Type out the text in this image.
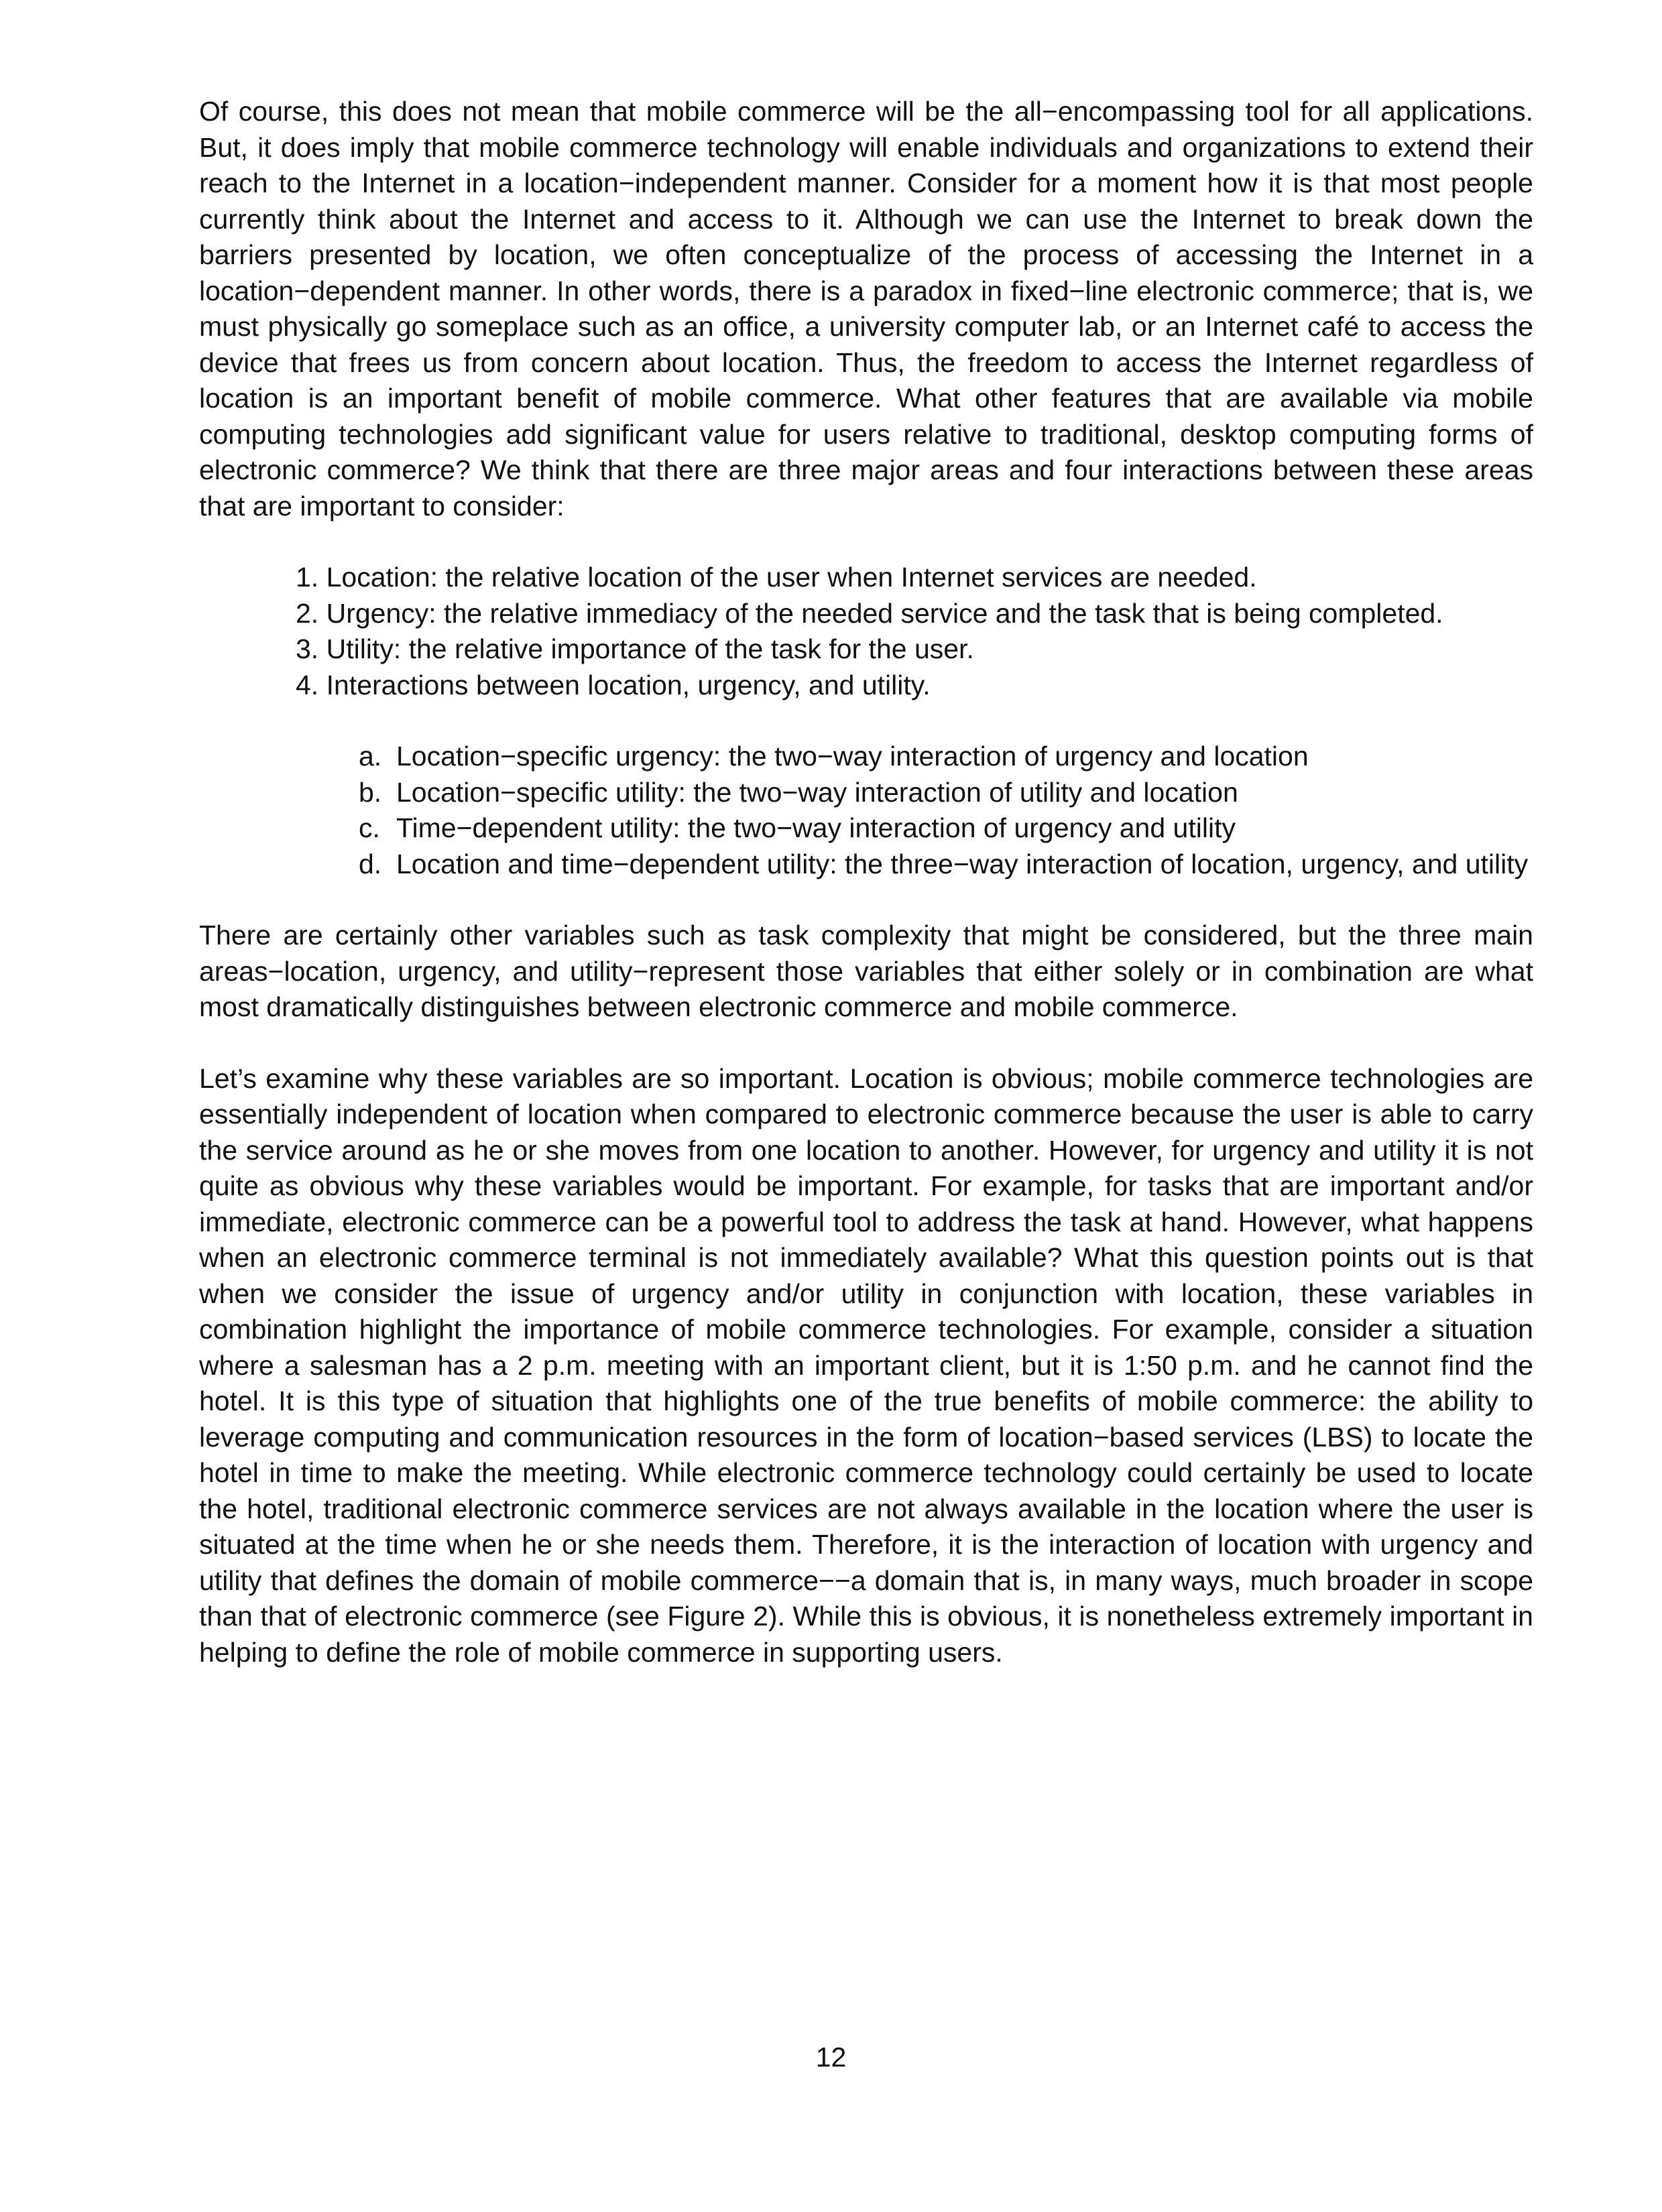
Of course, this does not mean that mobile commerce will be the all−encompassing tool for all applications. But, it does imply that mobile commerce technology will enable individuals and organizations to extend their reach to the Internet in a location−independent manner. Consider for a moment how it is that most people currently think about the Internet and access to it. Although we can use the Internet to break down the barriers presented by location, we often conceptualize of the process of accessing the Internet in a location−dependent manner. In other words, there is a paradox in fixed−line electronic commerce; that is, we must physically go someplace such as an office, a university computer lab, or an Internet café to access the device that frees us from concern about location. Thus, the freedom to access the Internet regardless of location is an important benefit of mobile commerce. What other features that are available via mobile computing technologies add significant value for users relative to traditional, desktop computing forms of electronic commerce? We think that there are three major areas and four interactions between these areas that are important to consider:

1. Location: the relative location of the user when Internet services are needed.
2. Urgency: the relative immediacy of the needed service and the task that is being completed.
3. Utility: the relative importance of the task for the user.
4. Interactions between location, urgency, and utility.
a. Location−specific urgency: the two−way interaction of urgency and location
b. Location−specific utility: the two−way interaction of utility and location
c. Time−dependent utility: the two−way interaction of urgency and utility
d. Location and time−dependent utility: the three−way interaction of location, urgency, and utility

There are certainly other variables such as task complexity that might be considered, but the three main areas−location, urgency, and utility−represent those variables that either solely or in combination are what most dramatically distinguishes between electronic commerce and mobile commerce.

Let’s examine why these variables are so important. Location is obvious; mobile commerce technologies are essentially independent of location when compared to electronic commerce because the user is able to carry the service around as he or she moves from one location to another. However, for urgency and utility it is not quite as obvious why these variables would be important. For example, for tasks that are important and/or immediate, electronic commerce can be a powerful tool to address the task at hand. However, what happens when an electronic commerce terminal is not immediately available? What this question points out is that when we consider the issue of urgency and/or utility in conjunction with location, these variables in combination highlight the importance of mobile commerce technologies. For example, consider a situation where a salesman has a 2 p.m. meeting with an important client, but it is 1:50 p.m. and he cannot find the hotel. It is this type of situation that highlights one of the true benefits of mobile commerce: the ability to leverage computing and communication resources in the form of location−based services (LBS) to locate the hotel in time to make the meeting. While electronic commerce technology could certainly be used to locate the hotel, traditional electronic commerce services are not always available in the location where the user is situated at the time when he or she needs them. Therefore, it is the interaction of location with urgency and utility that defines the domain of mobile commerce−−a domain that is, in many ways, much broader in scope than that of electronic commerce (see Figure 2). While this is obvious, it is nonetheless extremely important in helping to define the role of mobile commerce in supporting users.

12
